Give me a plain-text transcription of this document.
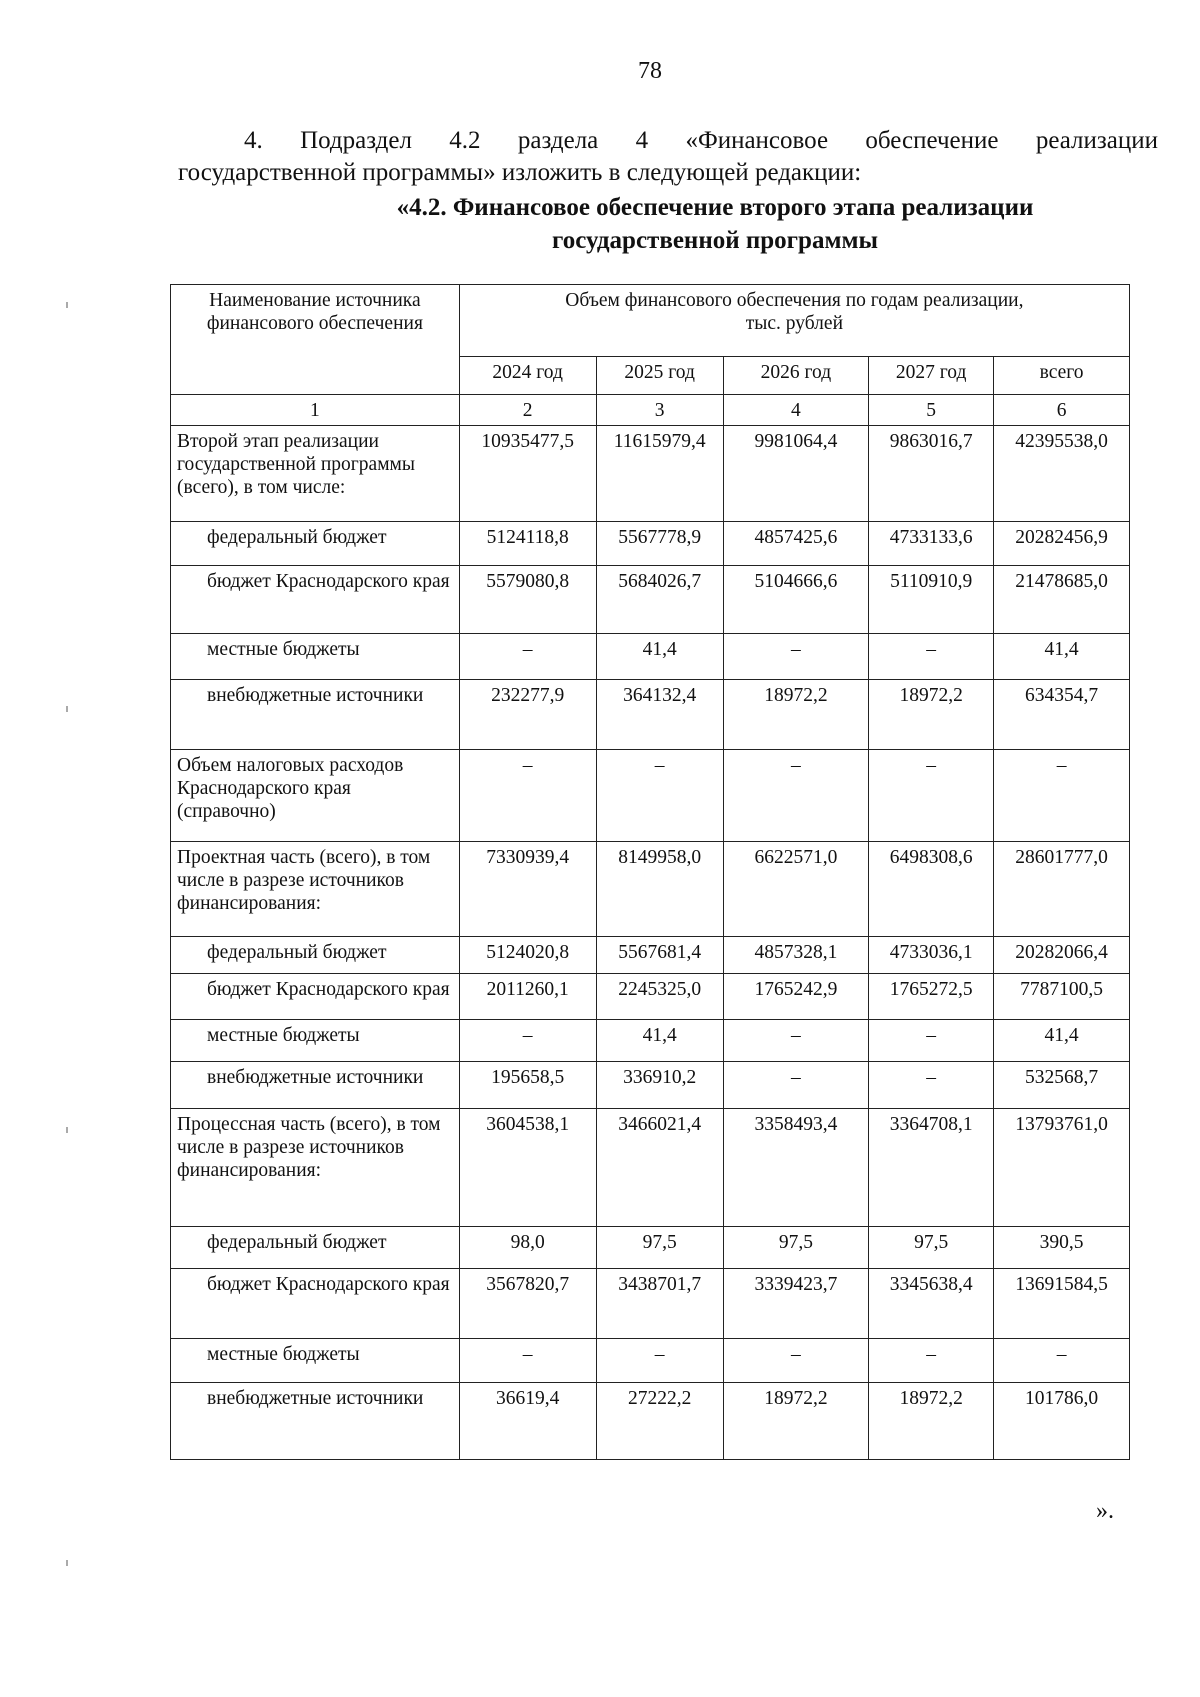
78
4. Подраздел 4.2 раздела 4 «Финансовое обеспечение реализации
государственной программы» изложить в следующей редакции:
«4.2. Финансовое обеспечение второго этапа реализации
государственной программы
Наименование источника финансового обеспечения	Объем финансового обеспечения по годам реализации,
тыс. рублей				

	2024 год	2025 год	2026 год	2027 год	всего
1	2	3	4	5	6
Второй этап реализации государственной программы (всего), в том числе:	10935477,5	11615979,4	9981064,4	9863016,7	42395538,0
федеральный бюджет	5124118,8	5567778,9	4857425,6	4733133,6	20282456,9
бюджет Краснодарского края	5579080,8	5684026,7	5104666,6	5110910,9	21478685,0
местные бюджеты	–	41,4	–	–	41,4
внебюджетные источники	232277,9	364132,4	18972,2	18972,2	634354,7
Объем налоговых расходов Краснодарского края (справочно)	–	–	–	–	–
Проектная часть (всего), в том числе в разрезе источников финансирования:	7330939,4	8149958,0	6622571,0	6498308,6	28601777,0
федеральный бюджет	5124020,8	5567681,4	4857328,1	4733036,1	20282066,4
бюджет Краснодарского края	2011260,1	2245325,0	1765242,9	1765272,5	7787100,5
местные бюджеты	–	41,4	–	–	41,4
внебюджетные источники	195658,5	336910,2	–	–	532568,7
Процессная часть (всего), в том числе в разрезе источников финансирования:	3604538,1	3466021,4	3358493,4	3364708,1	13793761,0
федеральный бюджет	98,0	97,5	97,5	97,5	390,5
бюджет Краснодарского края	3567820,7	3438701,7	3339423,7	3345638,4	13691584,5
местные бюджеты	–	–	–	–	–
внебюджетные источники	36619,4	27222,2	18972,2	18972,2	101786,0
».
